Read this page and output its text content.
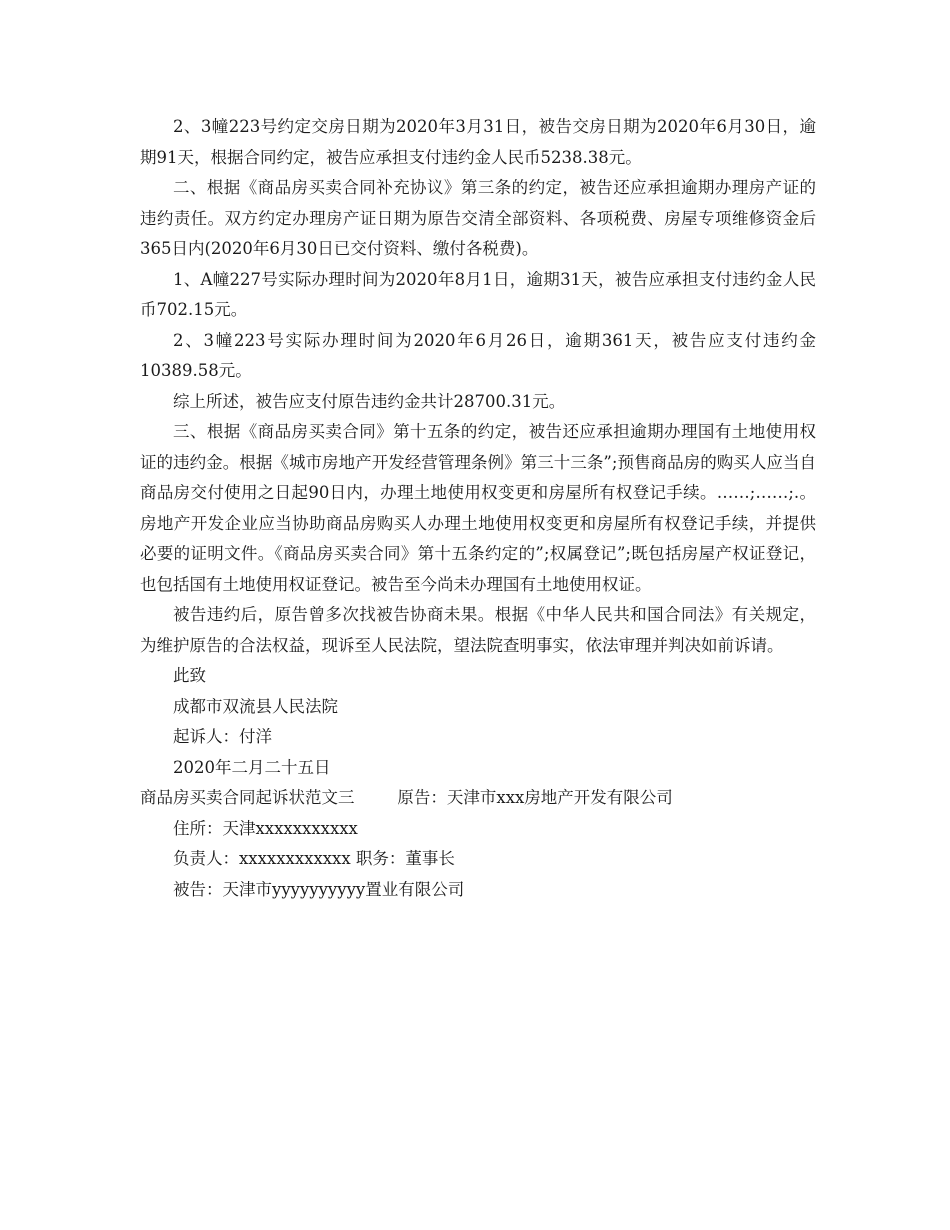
2、3幢223号约定交房日期为2020年3月31日，被告交房日期为2020年6月30日，逾期91天，根据合同约定，被告应承担支付违约金人民币5238.38元。

二、根据《商品房买卖合同补充协议》第三条的约定，被告还应承担逾期办理房产证的违约责任。双方约定办理房产证日期为原告交清全部资料、各项税费、房屋专项维修资金后365日内(2020年6月30日已交付资料、缴付各税费)。

1、A幢227号实际办理时间为2020年8月1日，逾期31天，被告应承担支付违约金人民币702.15元。

2、3幢223号实际办理时间为2020年6月26日，逾期361天，被告应支付违约金10389.58元。

综上所述，被告应支付原告违约金共计28700.31元。

三、根据《商品房买卖合同》第十五条的约定，被告还应承担逾期办理国有土地使用权证的违约金。根据《城市房地产开发经营管理条例》第三十三条”;预售商品房的购买人应当自商品房交付使用之日起90日内，办理土地使用权变更和房屋所有权登记手续。……;……;.。房地产开发企业应当协助商品房购买人办理土地使用权变更和房屋所有权登记手续，并提供必要的证明文件。《商品房买卖合同》第十五条约定的”;权属登记”;既包括房屋产权证登记，也包括国有土地使用权证登记。被告至今尚未办理国有土地使用权证。

被告违约后，原告曾多次找被告协商未果。根据《中华人民共和国合同法》有关规定，为维护原告的合法权益，现诉至人民法院，望法院查明事实，依法审理并判决如前诉请。

此致

成都市双流县人民法院

起诉人：付洋

2020年二月二十五日

商品房买卖合同起诉状范文三	原告：天津市xxx房地产开发有限公司

住所：天津xxxxxxxxxxx

负责人：xxxxxxxxxxxx 职务：董事长

被告：天津市yyyyyyyyyy置业有限公司
